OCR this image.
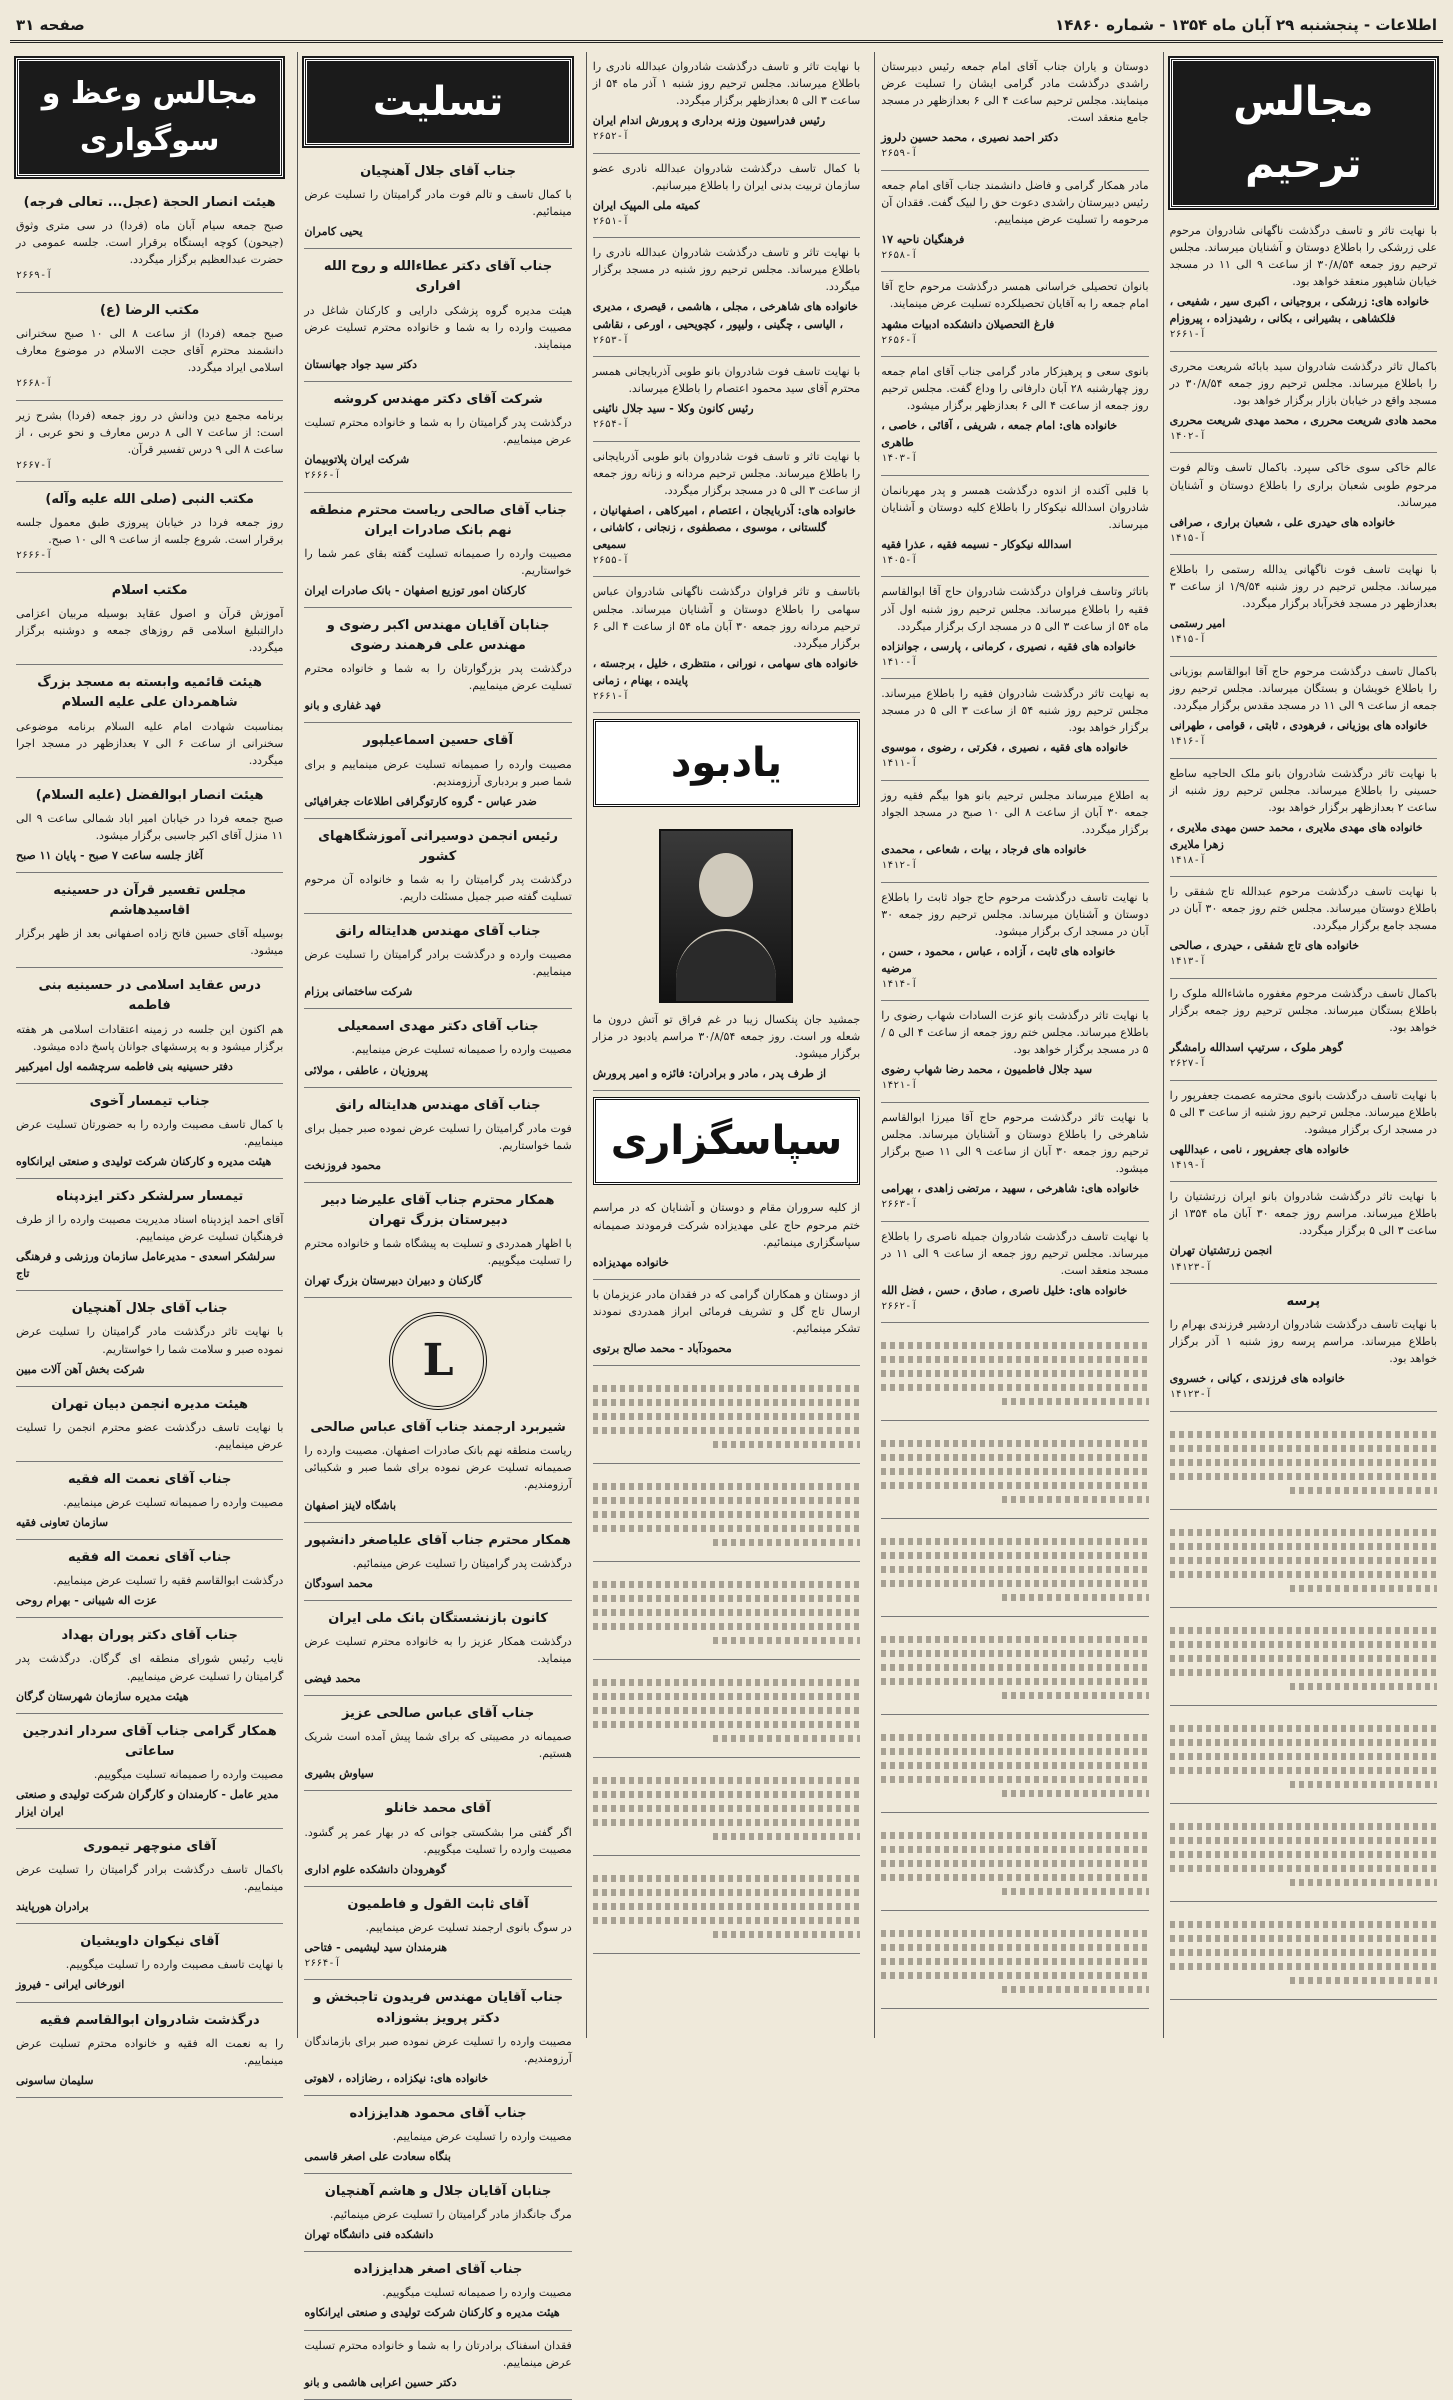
اطلاعات - پنجشنبه ۲۹ آبان ماه ۱۳۵۴ - شماره ۱۴۸۶۰
صفحه ۳۱
مجالس ترحیم

با نهایت تاثر و تاسف درگذشت ناگهانی شادروان مرحوم علی زرشکی را باطلاع دوستان و آشنایان میرساند. مجلس ترحیم روز جمعه ۳۰/۸/۵۴ از ساعت ۹ الی ۱۱ در مسجد خیابان شاهپور منعقد خواهد بود.

خانواده های: زرشکی ، بروجیانی ، اکبری سیر ، شفیعی ، فلکشاهی ، بشیرانی ، بکانی ، رشیدزاده ، پیروزام
آ-۲۶۶۱

باکمال تاثر درگذشت شادروان سید بابائه شریعت محرری را باطلاع میرساند. مجلس ترحیم روز جمعه ۳۰/۸/۵۴ در مسجد واقع در خیابان بازار برگزار خواهد بود.

محمد هادی شریعت محرری ، محمد مهدی شریعت محرری
آ-۱۴۰۲

عالم خاکی سوی خاکی سپرد. باکمال تاسف وتالم فوت مرحوم طوبی شعبان براری را باطلاع دوستان و آشنایان میرساند.

خانواده های حیدری علی ، شعبان براری ، صرافی
آ-۱۴۱۵

با نهایت تاسف فوت ناگهانی یدالله رستمی را باطلاع میرساند. مجلس ترحیم در روز شنبه ۱/۹/۵۴ از ساعت ۳ بعدازظهر در مسجد فخرآباد برگزار میگردد.

امیر رستمی
آ-۱۴۱۵

باکمال تاسف درگذشت مرحوم حاج آقا ابوالقاسم بوزیانی را باطلاع خویشان و بستگان میرساند. مجلس ترحیم روز جمعه از ساعت ۹ الی ۱۱ در مسجد مقدس برگزار میگردد.

خانواده های بوزیانی ، فرهودی ، ثابتی ، قوامی ، طهرانی
آ-۱۴۱۶

با نهایت تاثر درگذشت شادروان بانو ملک الحاجیه ساطع حسینی را باطلاع میرساند. مجلس ترحیم روز شنبه از ساعت ۲ بعدازظهر برگزار خواهد بود.

خانواده های مهدی ملایری ، محمد حسن مهدی ملایری ، زهرا ملایری
آ-۱۴۱۸

با نهایت تاسف درگذشت مرحوم عبدالله تاج شفقی را باطلاع دوستان میرساند. مجلس ختم روز جمعه ۳۰ آبان در مسجد جامع برگزار میگردد.

خانواده های تاج شفقی ، حیدری ، صالحی
آ-۱۴۱۳

باکمال تاسف درگذشت مرحوم مغفوره ماشاءالله ملوک را باطلاع بستگان میرساند. مجلس ترحیم روز جمعه برگزار خواهد بود.

گوهر ملوک ، سرتیپ اسدالله رامشگر
آ-۲۶۲۷

با نهایت تاسف درگذشت بانوی محترمه عصمت جعفرپور را باطلاع میرساند. مجلس ترحیم روز شنبه از ساعت ۳ الی ۵ در مسجد ارک برگزار میشود.

خانواده های جعفرپور ، نامی ، عبداللهی
آ-۱۴۱۹

با نهایت تاثر درگذشت شادروان بانو ایران زرتشتیان را باطلاع میرساند. مراسم روز جمعه ۳۰ آبان ماه ۱۳۵۴ از ساعت ۳ الی ۵ برگزار میگردد.

انجمن زرتشتیان تهران
آ-۱۴۱۲۳
پرسه

با نهایت تاسف درگذشت شادروان اردشیر فرزندی بهرام را باطلاع میرساند. مراسم پرسه روز شنبه ۱ آذر برگزار خواهد بود.

خانواده های فرزندی ، کیانی ، خسروی
آ-۱۴۱۲۳

دوستان و یاران جناب آقای امام جمعه رئیس دبیرستان راشدی درگذشت مادر گرامی ایشان را تسلیت عرض مینمایند. مجلس ترحیم ساعت ۴ الی ۶ بعدازظهر در مسجد جامع منعقد است.

دکتر احمد نصیری ، محمد حسین دلروز
آ-۲۶۵۹

مادر همکار گرامی و فاضل دانشمند جناب آقای امام جمعه رئیس دبیرستان راشدی دعوت حق را لبیک گفت. فقدان آن مرحومه را تسلیت عرض مینماییم.

فرهنگیان ناحیه ۱۷
آ-۲۶۵۸

بانوان تحصیلی خراسانی همسر درگذشت مرحوم حاج آقا امام جمعه را به آقایان تحصیلکرده تسلیت عرض مینمایند.

فارغ التحصیلان دانشکده ادبیات مشهد
آ-۲۶۵۶

بانوی سعی و پرهیزکار مادر گرامی جناب آقای امام جمعه روز چهارشنبه ۲۸ آبان دارفانی را وداع گفت. مجلس ترحیم روز جمعه از ساعت ۴ الی ۶ بعدازظهر برگزار میشود.

خانواده های: امام جمعه ، شریفی ، آقائی ، خاصی ، طاهری
آ-۱۴۰۳

با قلبی آکنده از اندوه درگذشت همسر و پدر مهربانمان شادروان اسدالله نیکوکار را باطلاع کلیه دوستان و آشنایان میرساند.

اسدالله نیکوکار - نسیمه فقیه ، عذرا فقیه
آ-۱۴۰۵

باتاثر وتاسف فراوان درگذشت شادروان حاج آقا ابوالقاسم فقیه را باطلاع میرساند. مجلس ترحیم روز شنبه اول آذر ماه ۵۴ از ساعت ۳ الی ۵ در مسجد ارک برگزار میگردد.

خانواده های فقیه ، نصیری ، کرمانی ، پارسی ، جوانزاده
آ-۱۴۱۰

به نهایت تاثر درگذشت شادروان فقیه را باطلاع میرساند. مجلس ترحیم روز شنبه ۵۴ از ساعت ۳ الی ۵ در مسجد برگزار خواهد بود.

خانواده های فقیه ، نصیری ، فکرتی ، رضوی ، موسوی
آ-۱۴۱۱

به اطلاع میرساند مجلس ترحیم بانو هوا بیگم فقیه روز جمعه ۳۰ آبان از ساعت ۸ الی ۱۰ صبح در مسجد الجواد برگزار میگردد.

خانواده های فرجاد ، بیات ، شعاعی ، محمدی
آ-۱۴۱۲

با نهایت تاسف درگذشت مرحوم حاج جواد ثابت را باطلاع دوستان و آشنایان میرساند. مجلس ترحیم روز جمعه ۳۰ آبان در مسجد ارک برگزار میشود.

خانواده های ثابت ، آزاده ، عباس ، محمود ، حسن ، مرضیه
آ-۱۴۱۴

با نهایت تاثر درگذشت بانو عزت السادات شهاب رضوی را باطلاع میرساند. مجلس ختم روز جمعه از ساعت ۴ الی ۵ / ۵ در مسجد برگزار خواهد بود.

سید جلال فاطمیون ، محمد رضا شهاب رضوی
آ-۱۴۲۱

با نهایت تاثر درگذشت مرحوم حاج آقا میرزا ابوالقاسم شاهرخی را باطلاع دوستان و آشنایان میرساند. مجلس ترحیم روز جمعه ۳۰ آبان از ساعت ۹ الی ۱۱ صبح برگزار میشود.

خانواده های: شاهرخی ، سهید ، مرتضی زاهدی ، بهرامی
آ-۲۶۶۳

با نهایت تاسف درگذشت شادروان جمیله ناصری را باطلاع میرساند. مجلس ترحیم روز جمعه از ساعت ۹ الی ۱۱ در مسجد منعقد است.

خانواده های: خلیل ناصری ، صادق ، حسن ، فضل الله
آ-۲۶۶۲

با نهایت تاثر و تاسف درگذشت شادروان عبدالله نادری را باطلاع میرساند. مجلس ترحیم روز شنبه ۱ آذر ماه ۵۴ از ساعت ۳ الی ۵ بعدازظهر برگزار میگردد.

رئیس فدراسیون وزنه برداری و پرورش اندام ایران
آ-۲۶۵۲

با کمال تاسف درگذشت شادروان عبدالله نادری عضو سازمان تربیت بدنی ایران را باطلاع میرسانیم.

کمیته ملی المپیک ایران
آ-۲۶۵۱

با نهایت تاثر و تاسف درگذشت شادروان عبدالله نادری را باطلاع میرساند. مجلس ترحیم روز شنبه در مسجد برگزار میگردد.

خانواده های شاهرخی ، مجلی ، هاشمی ، قیصری ، مدیری ، الیاسی ، چگینی ، ولیپور ، کچویحیی ، اورعی ، نقاشی
آ-۲۶۵۳

با نهایت تاسف فوت شادروان بانو طوبی آذربایجانی همسر محترم آقای سید محمود اعتصام را باطلاع میرساند.

رئیس کانون وکلا - سید جلال نائینی
آ-۲۶۵۴

با نهایت تاثر و تاسف فوت شادروان بانو طوبی آذربایجانی را باطلاع میرساند. مجلس ترحیم مردانه و زنانه روز جمعه از ساعت ۳ الی ۵ در مسجد برگزار میگردد.

خانواده های: آذربایجان ، اعتصام ، امیرکاهی ، اصفهانیان ، گلستانی ، موسوی ، مصطفوی ، زنجانی ، کاشانی ، سمیعی
آ-۲۶۵۵

باتاسف و تاثر فراوان درگذشت ناگهانی شادروان عباس سهامی را باطلاع دوستان و آشنایان میرساند. مجلس ترحیم مردانه روز جمعه ۳۰ آبان ماه ۵۴ از ساعت ۴ الی ۶ برگزار میگردد.

خانواده های سهامی ، نورانی ، منتظری ، خلیل ، برجسته ، پاینده ، بهنام ، زمانی
آ-۲۶۶۱
یادبود

جمشید جان پنکسال زیبا در غم فراق تو آتش درون ما شعله ور است. روز جمعه ۳۰/۸/۵۴ مراسم یادبود در مزار برگزار میشود.

از طرف پدر ، مادر و برادران: فائزه و امیر پرورش
سپاسگزاری

از کلیه سروران مقام و دوستان و آشنایان که در مراسم ختم مرحوم حاج علی مهدیزاده شرکت فرمودند صمیمانه سپاسگزاری مینمائیم.

خانواده مهدیزاده

از دوستان و همکاران گرامی که در فقدان مادر عزیزمان با ارسال تاج گل و تشریف فرمائی ابراز همدردی نمودند تشکر مینمائیم.

محمودآباد - محمد صالح برتوی
تسلیت
جناب آقای جلال آهنچیان

با کمال تاسف و تالم فوت مادر گرامیتان را تسلیت عرض مینمائیم.

یحیی کامران
جناب آقای دکتر عطاءالله و روح الله افراری

هیئت مدیره گروه پزشکی دارایی و کارکنان شاغل در مصیبت وارده را به شما و خانواده محترم تسلیت عرض مینمایند.

دکتر سید جواد جهانستان
شرکت آقای دکتر مهندس کروشه

درگذشت پدر گرامیتان را به شما و خانواده محترم تسلیت عرض مینماییم.

شرکت ایران پلاتوبیمان
آ-۲۶۶۶
جناب آقای صالحی ریاست محترم منطقه نهم بانک صادرات ایران

مصیبت وارده را صمیمانه تسلیت گفته بقای عمر شما را خواستاریم.

کارکنان امور توزیع اصفهان - بانک صادرات ایران
جنابان آقایان مهندس اکبر رضوی و مهندس علی فرهمند رضوی

درگذشت پدر بزرگوارتان را به شما و خانواده محترم تسلیت عرض مینماییم.

فهد غفاری و بانو
آقای حسین اسماعیلپور

مصیبت وارده را صمیمانه تسلیت عرض مینماییم و برای شما صبر و بردباری آرزومندیم.

ضدر عباس - گروه کارتوگرافی اطلاعات جغرافیائی
رئیس انجمن دوسیرانی آموزشگاههای کشور

درگذشت پدر گرامیتان را به شما و خانواده آن مرحوم تسلیت گفته صبر جمیل مسئلت داریم.

جناب آقای مهندس هدایتاله رانق

مصیبت وارده و درگذشت برادر گرامیتان را تسلیت عرض مینماییم.

شرکت ساختمانی برزام
جناب آقای دکتر مهدی اسمعیلی

مصیبت وارده را صمیمانه تسلیت عرض مینماییم.

پیروزیان ، عاطفی ، مولائی
جناب آقای مهندس هدایتاله رانق

فوت مادر گرامیتان را تسلیت عرض نموده صبر جمیل برای شما خواستاریم.

محمود فروزنخت
همکار محترم جناب آقای علیرضا دبیر دبیرستان بزرگ تهران

با اظهار همدردی و تسلیت به پیشگاه شما و خانواده محترم را تسلیت میگوییم.

گارکنان و دبیران دبیرستان بزرگ تهران
L
شیربرد ارجمند جناب آقای عباس صالحی

ریاست منطقه نهم بانک صادرات اصفهان. مصیبت وارده را صمیمانه تسلیت عرض نموده برای شما صبر و شکیبائی آرزومندیم.

باشگاه لاینز اصفهان
همکار محترم جناب آقای علیاصغر دانشپور

درگذشت پدر گرامیتان را تسلیت عرض مینمائیم.

محمد اسودگان
کانون بازنشستگان بانک ملی ایران

درگذشت همکار عزیز را به خانواده محترم تسلیت عرض مینماید.

محمد فیضی
جناب آقای عباس صالحی عزیز

صمیمانه در مصیبتی که برای شما پیش آمده است شریک هستیم.

سیاوش بشیری
آقای محمد خانلو

اگر گفتی مرا بشکستی جوانی که در بهار عمر پر گشود. مصیبت وارده را تسلیت میگوییم.

گوهرودان دانشکده علوم اداری
آقای ثابت القول و فاطمیون

در سوگ بانوی ارجمند تسلیت عرض مینماییم.

هنرمندان سید لیشیمی - فتاحی
آ-۲۶۶۴
جناب آقایان مهندس فریدون تاجبخش و دکتر پرویز بشوزاده

مصیبت وارده را تسلیت عرض نموده صبر برای بازماندگان آرزومندیم.

خانواده های: نیکزاده ، رضازاده ، لاهوتی
جناب آقای محمود هدایززاده

مصیبت وارده را تسلیت عرض مینماییم.

بنگاه سعادت علی اصغر قاسمی
جنابان آقایان جلال و هاشم آهنچیان

مرگ جانگداز مادر گرامیتان را تسلیت عرض مینمائیم.

دانشکده فنی دانشگاه تهران
جناب آقای اصغر هدایززاده

مصیبت وارده را صمیمانه تسلیت میگوییم.

هیئت مدیره و کارکنان شرکت تولیدی و صنعتی ایرانکاوه

فقدان اسفناک برادرتان را به شما و خانواده محترم تسلیت عرض مینماییم.

دکتر حسین اعرابی هاشمی و بانو
مجالس وعظ و سوگواری
هیئت انصار الحجة (عجل... تعالی فرجه)

صبح جمعه سیام آبان ماه (فردا) در سی متری وثوق (جیحون) کوچه ایستگاه برقرار است. جلسه عمومی در حضرت عبدالعظیم برگزار میگردد.

آ-۲۶۶۹
مکتب الرضا (ع)

صبح جمعه (فردا) از ساعت ۸ الی ۱۰ صبح سخنرانی دانشمند محترم آقای حجت الاسلام در موضوع معارف اسلامی ایراد میگردد.

آ-۲۶۶۸

برنامه مجمع دین ودانش در روز جمعه (فردا) بشرح زیر است: از ساعت ۷ الی ۸ درس معارف و نحو عربی ، از ساعت ۸ الی ۹ درس تفسیر قرآن.

آ-۲۶۶۷
مکتب النبی (صلی الله علیه وآله)

روز جمعه فردا در خیابان پیروزی طبق معمول جلسه برقرار است. شروع جلسه از ساعت ۹ الی ۱۰ صبح.

آ-۲۶۶۶
مکتب اسلام

آموزش قرآن و اصول عقاید بوسیله مربیان اعزامی دارالتبلیغ اسلامی قم روزهای جمعه و دوشنبه برگزار میگردد.

هیئت قائمیه وابسته به مسجد بزرگ شاهمردان علی علیه السلام

بمناسبت شهادت امام علیه السلام برنامه موضوعی سخنرانی از ساعت ۶ الی ۷ بعدازظهر در مسجد اجرا میگردد.

هیئت انصار ابوالفضل (علیه السلام)

صبح جمعه فردا در خیابان امیر اباد شمالی ساعت ۹ الی ۱۱ منزل آقای اکبر جاسبی برگزار میشود.

آغاز جلسه ساعت ۷ صبح - پایان ۱۱ صبح
مجلس تفسیر قرآن در حسینیه اقاسیدهاشم

بوسیله آقای حسین فاتح زاده اصفهانی بعد از ظهر برگزار میشود.

درس عقاید اسلامی در حسینیه بنی فاطمه

هم اکنون این جلسه در زمینه اعتقادات اسلامی هر هفته برگزار میشود و به پرسشهای جوانان پاسخ داده میشود.

دفتر حسینیه بنی فاطمه سرچشمه اول امیرکبیر
جناب تیمسار آخوی

با کمال تاسف مصیبت وارده را به حضورتان تسلیت عرض مینماییم.

هیئت مدیره و کارکنان شرکت تولیدی و صنعتی ایرانکاوه
تیمسار سرلشکر دکتر ایزدپناه

آقای احمد ایزدپناه اسناد مدیریت مصیبت وارده را از طرف فرهنگیان تسلیت عرض مینماییم.

سرلشکر اسعدی - مدیرعامل سازمان ورزشی و فرهنگی تاج
جناب آقای جلال آهنچیان

با نهایت تاثر درگذشت مادر گرامیتان را تسلیت عرض نموده صبر و سلامت شما را خواستاریم.

شرکت بخش آهن آلات مبین
هیئت مدیره انجمن دبیان تهران

با نهایت تاسف درگذشت عضو محترم انجمن را تسلیت عرض مینماییم.

جناب آقای نعمت اله فقیه

مصیبت وارده را صمیمانه تسلیت عرض مینماییم.

سازمان تعاونی فقیه
جناب آقای نعمت اله فقیه

درگذشت ابوالقاسم فقیه را تسلیت عرض مینماییم.

عزت اله شیبانی - بهرام روحی
جناب آقای دکتر پوران بهداد

نایب رئیس شورای منطقه ای گرگان. درگذشت پدر گرامیتان را تسلیت عرض مینماییم.

هیئت مدیره سازمان شهرستان گرگان
همکار گرامی جناب آقای سردار اندرجین ساعاتی

مصیبت وارده را صمیمانه تسلیت میگوییم.

مدیر عامل - کارمندان و کارگران شرکت تولیدی و صنعتی ایران ایزار
آقای منوچهر تیموری

باکمال تاسف درگذشت برادر گرامیتان را تسلیت عرض مینماییم.

برادران هورپایند
آقای نیکوان داویشیان

با نهایت تاسف مصیبت وارده را تسلیت میگوییم.

انورخانی ایرانی - فیروز
درگذشت شادروان ابوالقاسم فقیه

را به نعمت اله فقیه و خانواده محترم تسلیت عرض مینماییم.

سلیمان ساسونی
